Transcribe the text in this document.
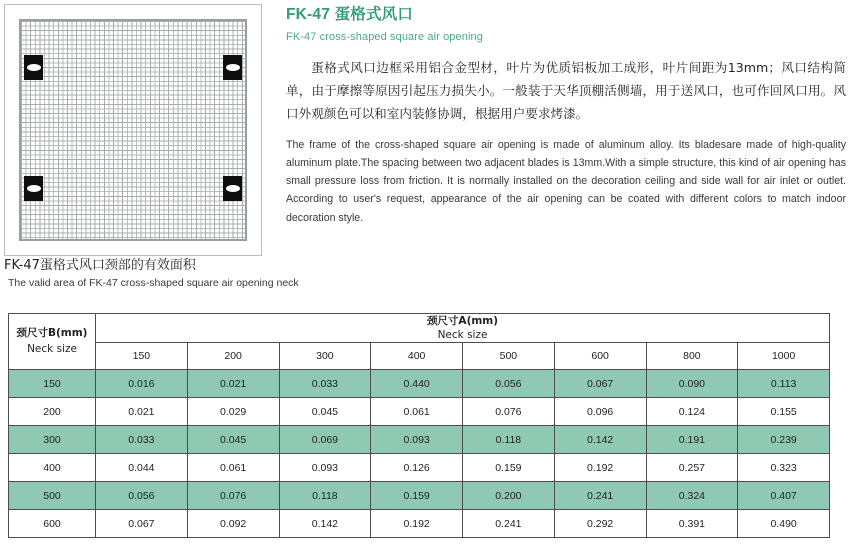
FK-47 蛋格式风口
FK-47 cross-shaped square air opening

蛋格式风口边框采用铝合金型材，叶片为优质铝板加工成形，叶片间距为13mm；风口结构简单，由于摩擦等原因引起压力损失小。一般装于天华顶棚活侧墙，用于送风口，也可作回风口用。风口外观颜色可以和室内装修协调，根据用户要求烤漆。

The frame of the cross-shaped square air opening is made of aluminum alloy. Its bladesare made of high-quality aluminum plate.The spacing between two adjacent blades is 13mm.With a simple structure, this kind of air opening has small pressure loss from friction. It is normally installed on the decoration ceiling and side wall for air inlet or outlet. According to user's request, appearance of the air opening can be coated with different colors to match indoor decoration style.

FK-47蛋格式风口颈部的有效面积
The valid area of FK-47 cross-shaped square air opening neck
颈尺寸B(mm)
Neck size	颈尺寸A(mm)
Neck size							

	150	200	300	400	500	600	800	1000
150	0.016	0.021	0.033	0.440	0.056	0.067	0.090	0.113
200	0.021	0.029	0.045	0.061	0.076	0.096	0.124	0.155
300	0.033	0.045	0.069	0.093	0.118	0.142	0.191	0.239
400	0.044	0.061	0.093	0.126	0.159	0.192	0.257	0.323
500	0.056	0.076	0.118	0.159	0.200	0.241	0.324	0.407
600	0.067	0.092	0.142	0.192	0.241	0.292	0.391	0.490
